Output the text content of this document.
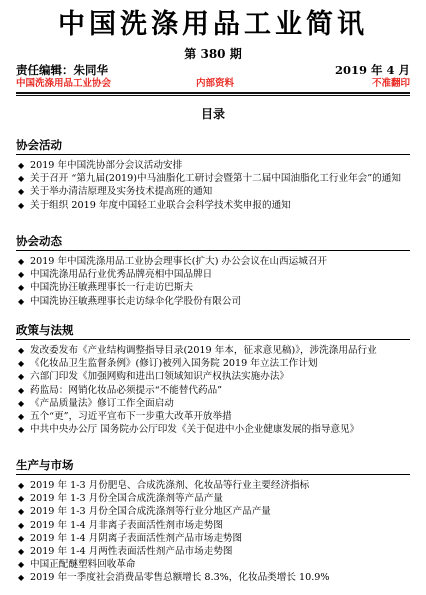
中国洗涤用品工业简讯
第 380 期
责任编辑：朱同华	2019 年 4 月
中国洗涤用品工业协会	内部资料	不准翻印
目录
协会活动
◆ 2019 年中国洗协部分会议活动安排
◆ 关于召开 “第九届(2019)中马油脂化工研讨会暨第十二届中国油脂化工行业年会”的通知
◆ 关于举办清洁原理及实务技术提高班的通知
◆ 关于组织 2019 年度中国轻工业联合会科学技术奖申报的通知
协会动态
◆ 2019 年中国洗涤用品工业协会理事长(扩大) 办公会议在山西运城召开
◆ 中国洗涤用品行业优秀品牌亮相中国品牌日
◆ 中国洗协汪敏燕理事长一行走访巴斯夫
◆ 中国洗协汪敏燕理事长走访绿伞化学股份有限公司
政策与法规
◆ 发改委发布《产业结构调整指导目录(2019 年本，征求意见稿)》，涉洗涤用品行业
◆ 《化妆品卫生监督条例》(修订)被列入国务院 2019 年立法工作计划
◆ 六部门印发《加强网购和进出口领域知识产权执法实施办法》
◆ 药监局：网销化妆品必须提示“不能替代药品”
◆ 《产品质量法》修订工作全面启动
◆ 五个“更”，习近平宣布下一步重大改革开放举措
◆ 中共中央办公厅 国务院办公厅印发《关于促进中小企业健康发展的指导意见》
生产与市场
◆ 2019 年 1-3 月份肥皂、合成洗涤剂、化妆品等行业主要经济指标
◆ 2019 年 1-3 月份全国合成洗涤剂等产品产量
◆ 2019 年 1-3 月份全国合成洗涤剂等行业分地区产品产量
◆ 2019 年 1-4 月非离子表面活性剂市场走势图
◆ 2019 年 1-4 月阴离子表面活性剂产品市场走势图
◆ 2019 年 1-4 月两性表面活性剂产品市场走势图
◆ 中国正配醚塑料回收革命
◆ 2019 年一季度社会消费品零售总额增长 8.3%，化妆品类增长 10.9%
